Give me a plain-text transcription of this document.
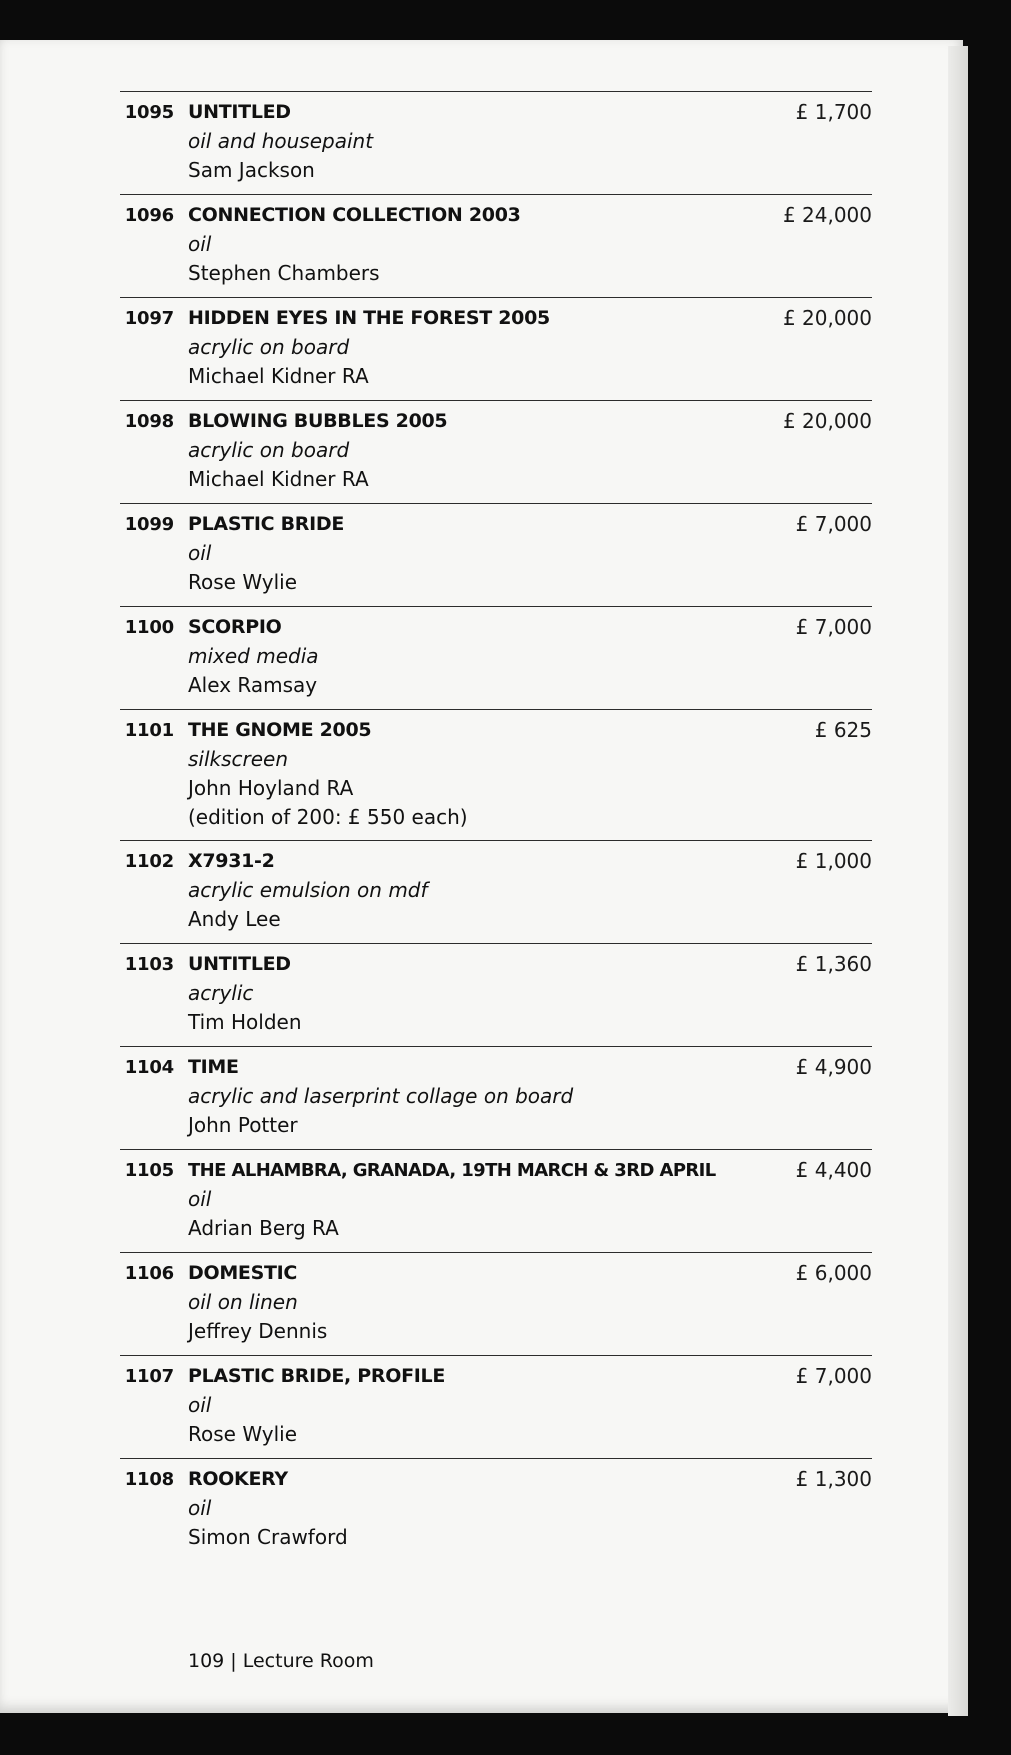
1095 UNTITLED	£ 1,700
oil and housepaint
Sam Jackson
1096 CONNECTION COLLECTION 2003	£ 24,000
oil
Stephen Chambers
1097 HIDDEN EYES IN THE FOREST 2005	£ 20,000
acrylic on board
Michael Kidner RA
1098 BLOWING BUBBLES 2005	£ 20,000
acrylic on board
Michael Kidner RA
1099 PLASTIC BRIDE	£ 7,000
oil
Rose Wylie
1100 SCORPIO	£ 7,000
mixed media
Alex Ramsay
1101 THE GNOME 2005	£ 625
silkscreen
John Hoyland RA
(edition of 200: £ 550 each)
1102 X7931-2	£ 1,000
acrylic emulsion on mdf
Andy Lee
1103 UNTITLED	£ 1,360
acrylic
Tim Holden
1104 TIME	£ 4,900
acrylic and laserprint collage on board
John Potter
1105 THE ALHAMBRA, GRANADA, 19TH MARCH & 3RD APRIL	£ 4,400
oil
Adrian Berg RA
1106 DOMESTIC	£ 6,000
oil on linen
Jeffrey Dennis
1107 PLASTIC BRIDE, PROFILE	£ 7,000
oil
Rose Wylie
1108 ROOKERY	£ 1,300
oil
Simon Crawford
109 | Lecture Room
